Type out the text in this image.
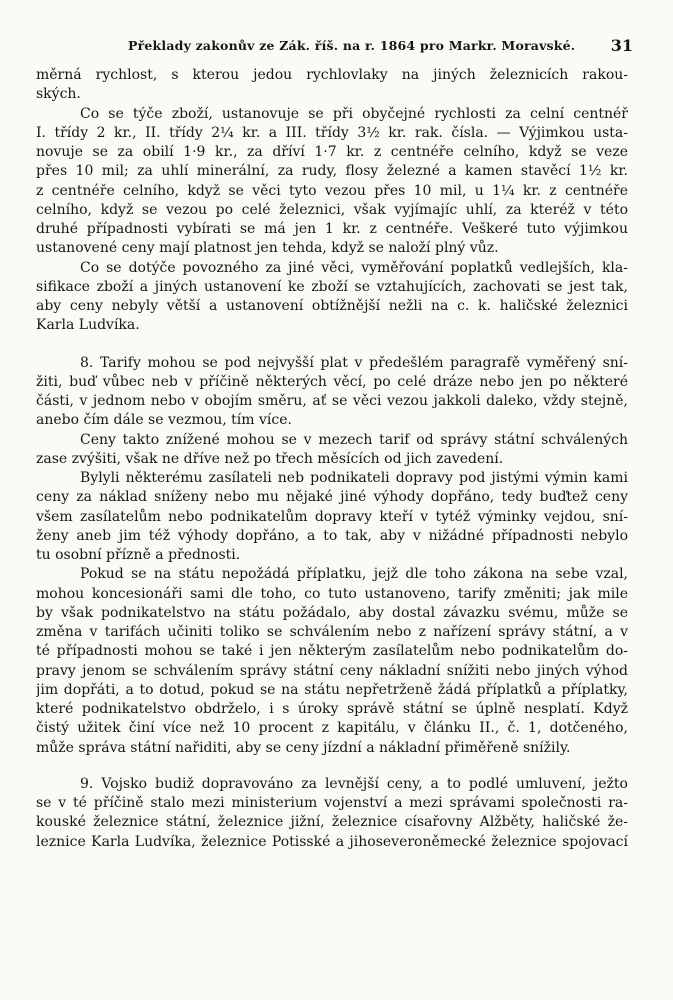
Překlady zakonův ze Zák. říš. na r. 1864 pro Markr. Moravské. 31
měrná rychlost, s kterou jedou rychlovlaky na jiných železnicích rakou-
ských.
Co se týče zboží, ustanovuje se při obyčejné rychlosti za celní centnéř
I. třídy 2 kr., II. třídy 2¼ kr. a III. třídy 3½ kr. rak. čísla. — Výjimkou usta-
novuje se za obilí 1·9 kr., za dříví 1·7 kr. z centnéře celního, když se veze
přes 10 mil; za uhlí minerální, za rudy, flosy železné a kamen stavěcí 1½ kr.
z centnéře celního, když se věci tyto vezou přes 10 mil, u 1¼ kr. z centnéře
celního, když se vezou po celé železnici, však vyjímajíc uhlí, za kteréž v této
druhé případnosti vybírati se má jen 1 kr. z centnéře. Veškeré tuto výjimkou
ustanovené ceny mají platnost jen tehda, když se naloží plný vůz.
Co se dotýče povozného za jiné věci, vyměřování poplatků vedlejších, kla-
sifikace zboží a jiných ustanovení ke zboží se vztahujících, zachovati se jest tak,
aby ceny nebyly větší a ustanovení obtížnější nežli na c. k. haličské železnici
Karla Ludvíka.
8. Tarify mohou se pod nejvyšší plat v předešlém paragrafě vyměřený sní-
žiti, buď vůbec neb v příčině některých věcí, po celé dráze nebo jen po některé
části, v jednom nebo v obojím směru, ať se věci vezou jakkoli daleko, vždy stejně,
anebo čím dále se vezmou, tím více.
Ceny takto znížené mohou se v mezech tarif od správy státní schválených
zase zvýšiti, však ne dříve než po třech měsících od jich zavedení.
Bylyli některému zasílateli neb podnikateli dopravy pod jistými výmin kami
ceny za náklad sníženy nebo mu nějaké jiné výhody dopřáno, tedy buďtež ceny
všem zasílatelům nebo podnikatelům dopravy kteří v tytéž výminky vejdou, sní-
ženy aneb jim též výhody dopřáno, a to tak, aby v nižádné případnosti nebylo
tu osobní přízně a přednosti.
Pokud se na státu nepožádá příplatku, jejž dle toho zákona na sebe vzal,
mohou koncesionáři sami dle toho, co tuto ustanoveno, tarify změniti; jak mile
by však podnikatelstvo na státu požádalo, aby dostal závazku svému, může se
změna v tarifách učiniti toliko se schválením nebo z nařízení správy státní, a v
té případnosti mohou se také i jen některým zasílatelům nebo podnikatelům do-
pravy jenom se schválením správy státní ceny nákladní snížiti nebo jiných výhod
jim dopřáti, a to dotud, pokud se na státu nepřetrženě žádá příplatků a příplatky,
které podnikatelstvo obdrželo, i s úroky správě státní se úplně nesplatí. Když
čistý užitek činí více než 10 procent z kapitálu, v článku II., č. 1, dotčeného,
může správa státní nařiditi, aby se ceny jízdní a nákladní přiměřeně snížily.
9. Vojsko budiž dopravováno za levnější ceny, a to podlé umluvení, ježto
se v té příčině stalo mezi ministerium vojenství a mezi správami společnosti ra-
kouské železnice státní, železnice jižní, železnice císařovny Alžběty, haličské že-
leznice Karla Ludvíka, železnice Potisské a jihoseveroněmecké železnice spojovací
